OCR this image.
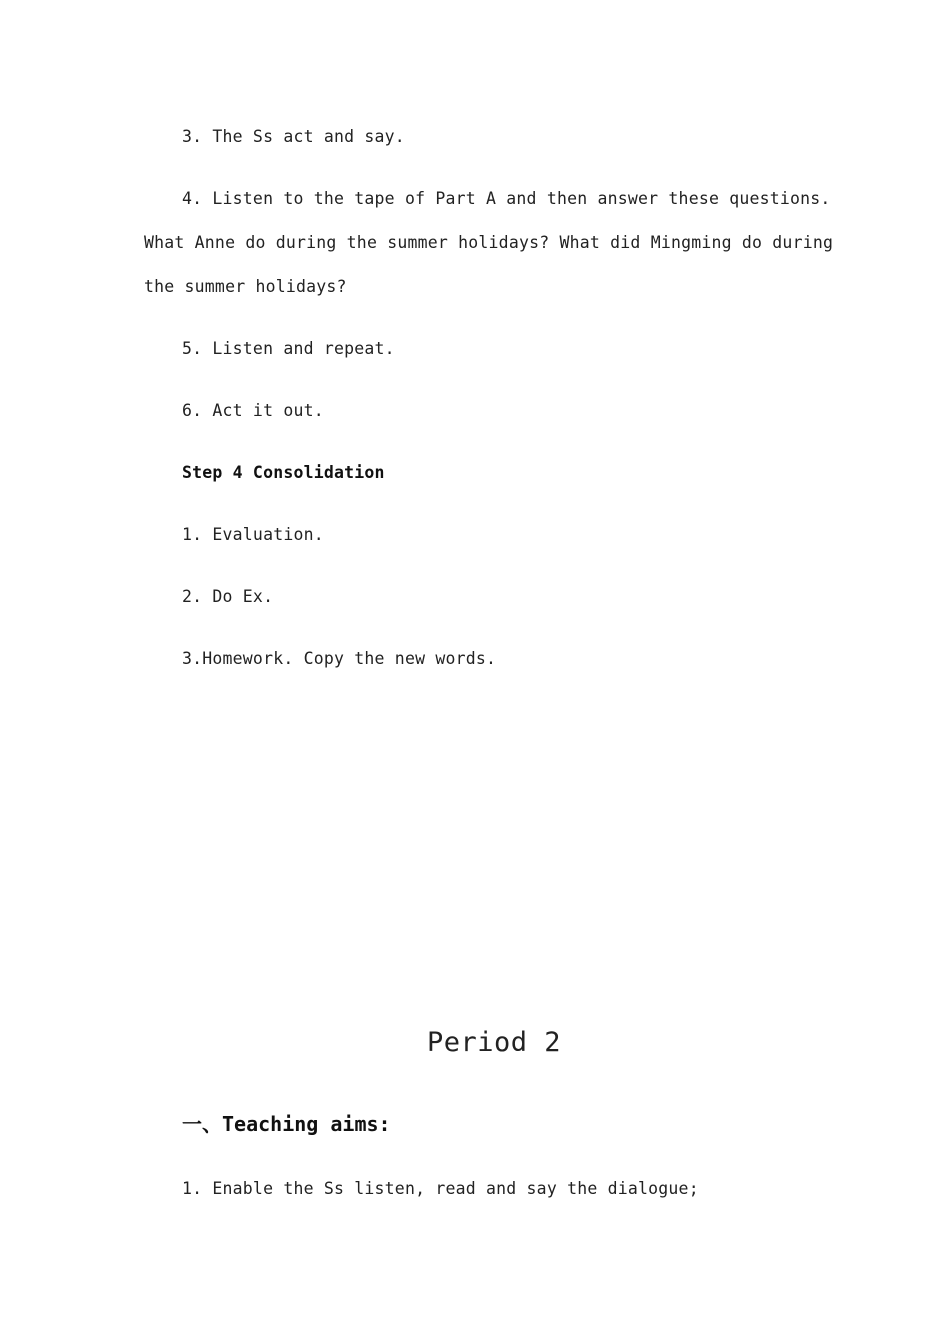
3. The Ss act and say.
4. Listen to the tape of Part A and then answer these questions.
What Anne do during the summer holidays? What did Mingming do during
the summer holidays?
5. Listen and repeat.
6. Act it out.
Step 4 Consolidation
1. Evaluation.
2. Do Ex.
3.Homework. Copy the new words.
Period 2
一、Teaching aims:
1. Enable the Ss listen, read and say the dialogue;
